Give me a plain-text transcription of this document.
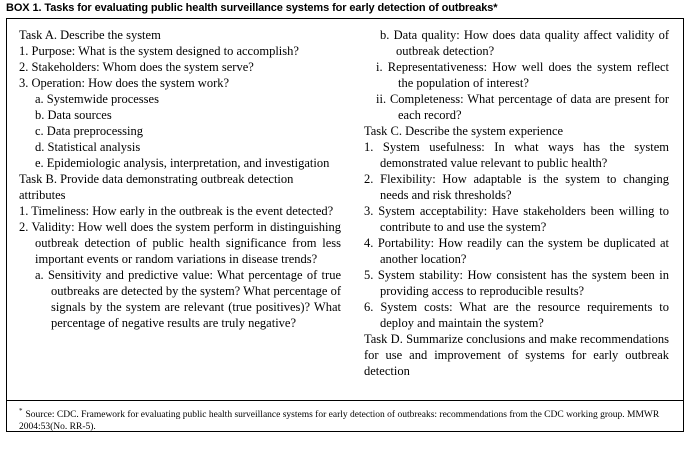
BOX 1. Tasks for evaluating public health surveillance systems for early detection of outbreaks*
Task A. Describe the system
1. Purpose: What is the system designed to accomplish?
2. Stakeholders: Whom does the system serve?
3. Operation: How does the system work?
a. Systemwide processes
b. Data sources
c. Data preprocessing
d. Statistical analysis
e. Epidemiologic analysis, interpretation, and investigation
Task B. Provide data demonstrating outbreak detection attributes
1. Timeliness: How early in the outbreak is the event detected?
2. Validity: How well does the system perform in distinguishing outbreak detection of public health significance from less important events or random variations in disease trends?
a. Sensitivity and predictive value: What percentage of true outbreaks are detected by the system? What percentage of signals by the system are relevant (true positives)? What percentage of negative results are truly negative?
b. Data quality: How does data quality affect validity of outbreak detection?
i. Representativeness: How well does the system reflect the population of interest?
ii. Completeness: What percentage of data are present for each record?
Task C. Describe the system experience
1. System usefulness: In what ways has the system demonstrated value relevant to public health?
2. Flexibility: How adaptable is the system to changing needs and risk thresholds?
3. System acceptability: Have stakeholders been willing to contribute to and use the system?
4. Portability: How readily can the system be duplicated at another location?
5. System stability: How consistent has the system been in providing access to reproducible results?
6. System costs: What are the resource requirements to deploy and maintain the system?
Task D. Summarize conclusions and make recommendations for use and improvement of systems for early outbreak detection
* Source: CDC. Framework for evaluating public health surveillance systems for early detection of outbreaks: recommendations from the CDC working group. MMWR 2004:53(No. RR-5).
